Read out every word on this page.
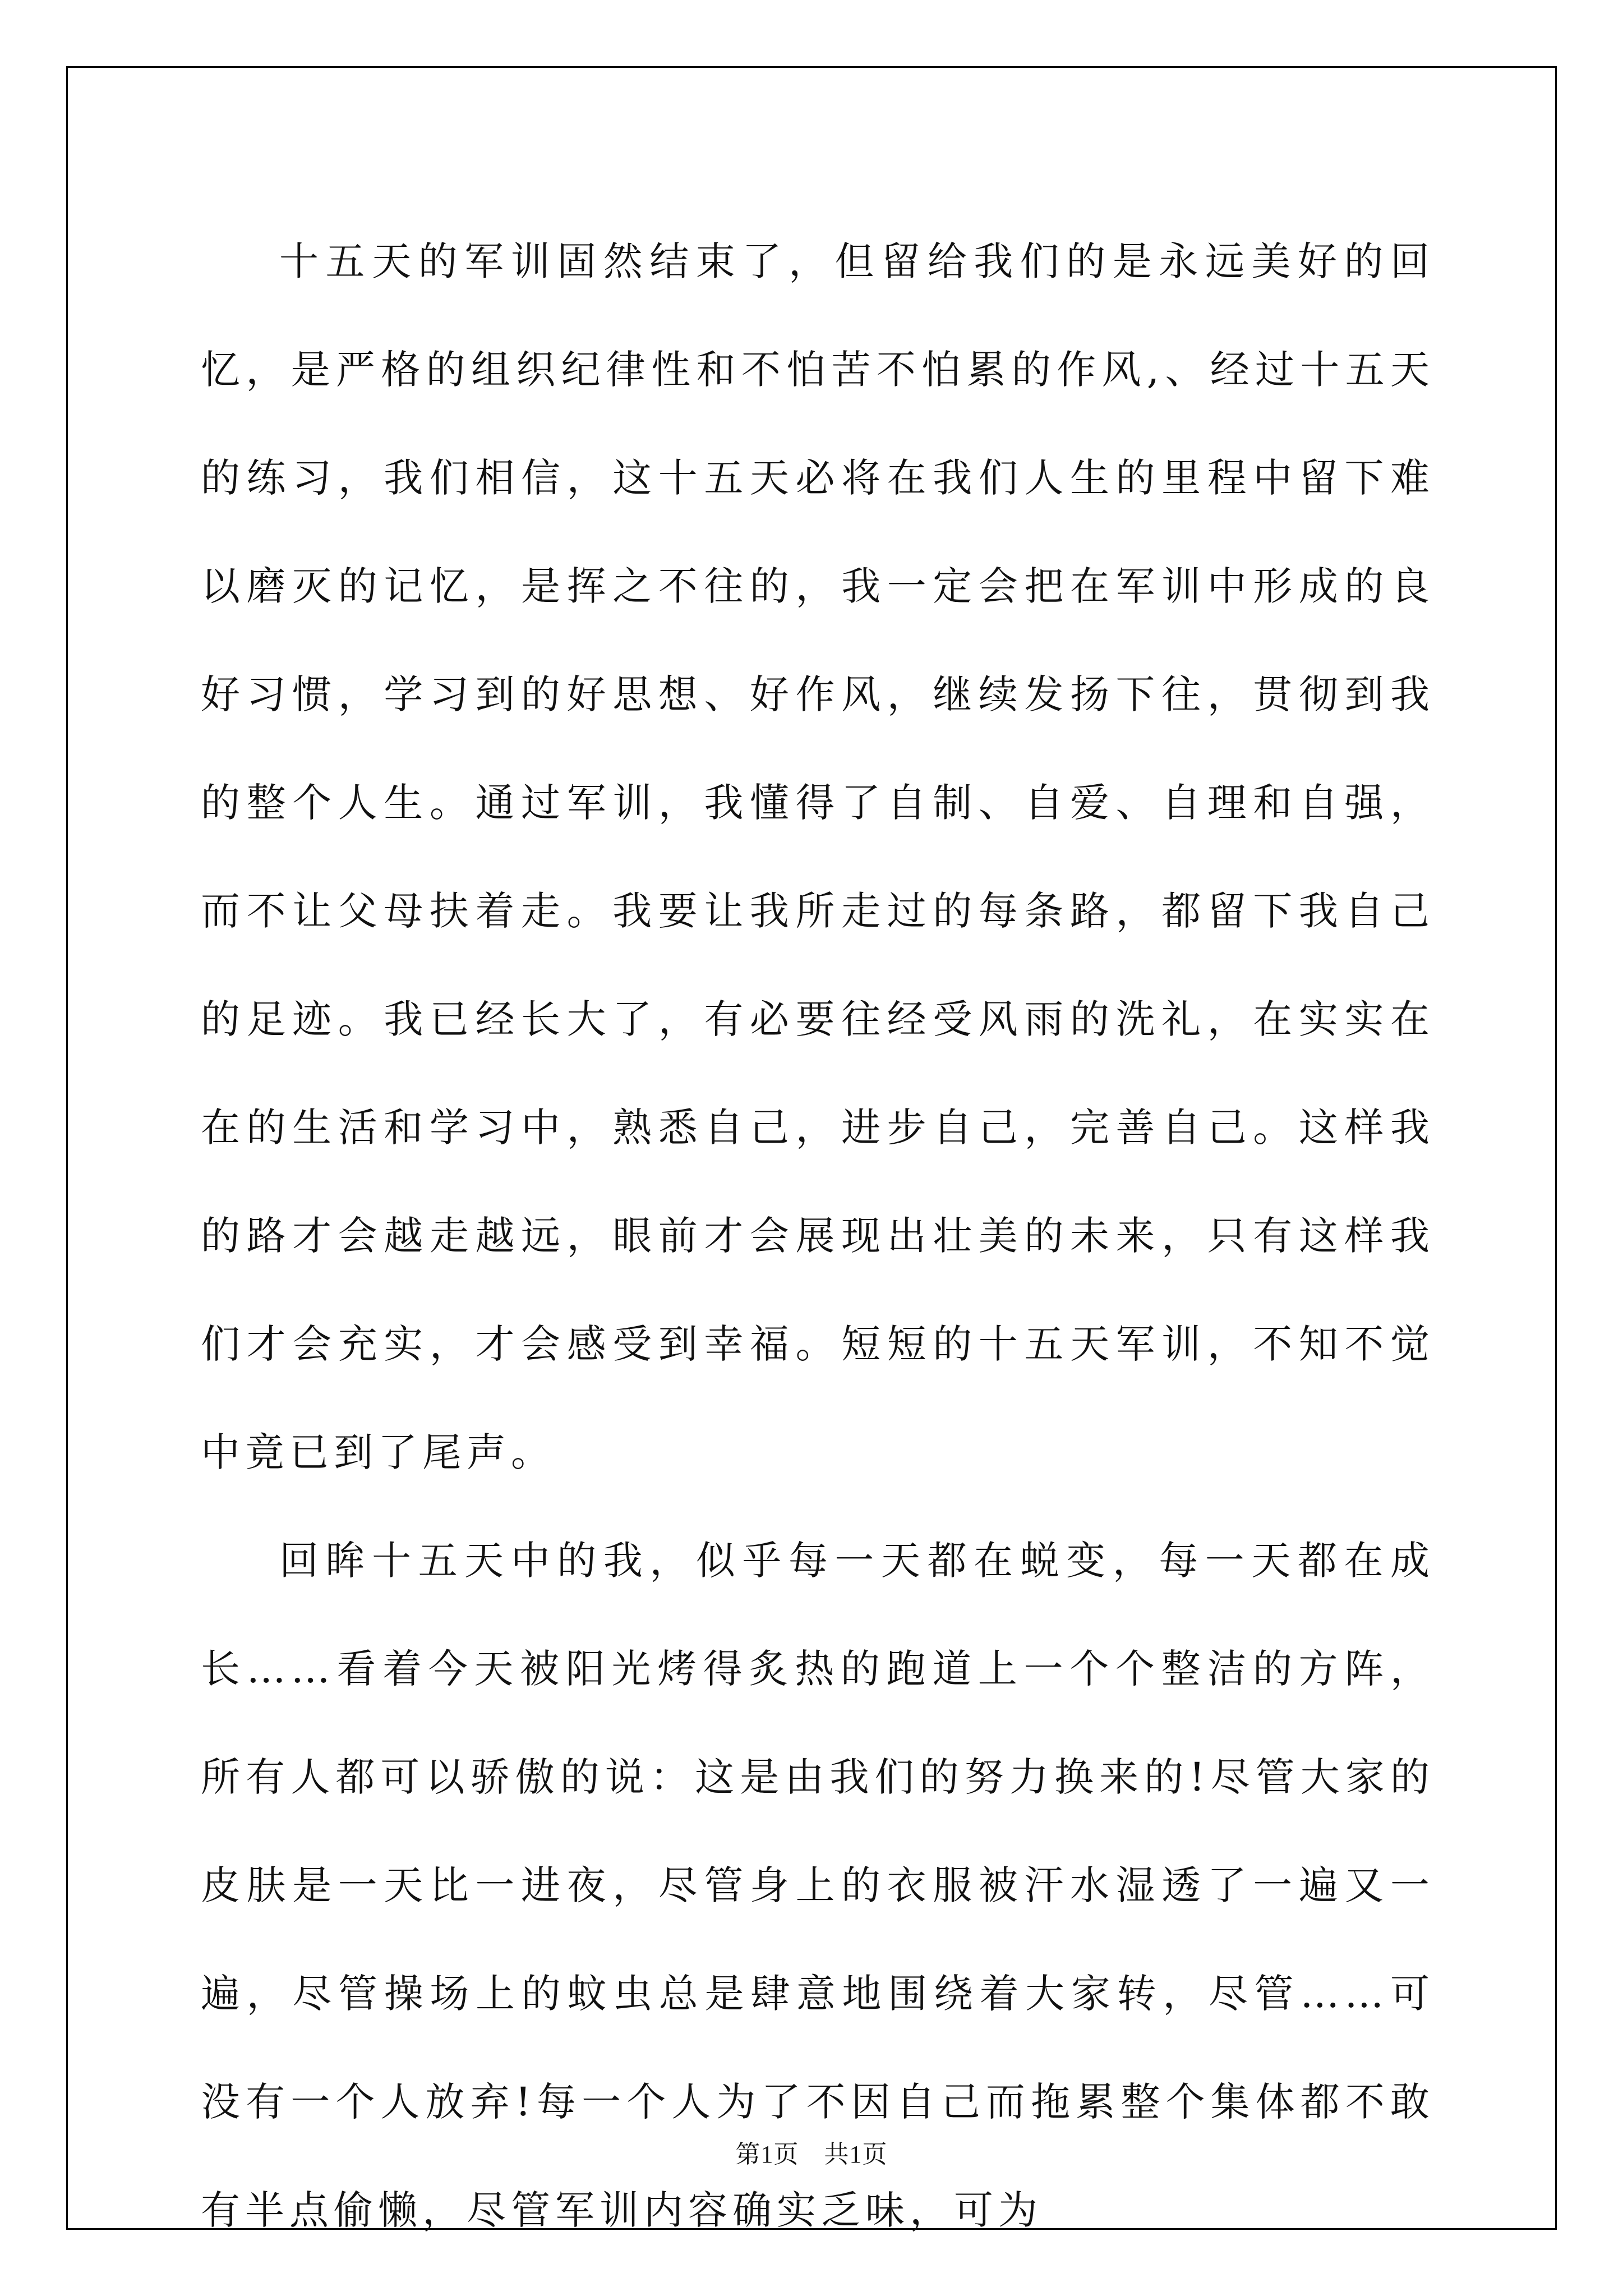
十五天的军训固然结束了，但留给我们的是永远美好的回忆，是严格的组织纪律性和不怕苦不怕累的作风,、经过十五天的练习，我们相信，这十五天必将在我们人生的里程中留下难以磨灭的记忆，是挥之不往的，我一定会把在军训中形成的良好习惯，学习到的好思想、好作风，继续发扬下往，贯彻到我的整个人生。通过军训，我懂得了自制、自爱、自理和自强，而不让父母扶着走。我要让我所走过的每条路，都留下我自己的足迹。我已经长大了，有必要往经受风雨的洗礼，在实实在在的生活和学习中，熟悉自己，进步自己，完善自己。这样我的路才会越走越远，眼前才会展现出壮美的未来，只有这样我们才会充实，才会感受到幸福。短短的十五天军训，不知不觉中竟已到了尾声。

回眸十五天中的我，似乎每一天都在蜕变，每一天都在成长……看着今天被阳光烤得炙热的跑道上一个个整洁的方阵，所有人都可以骄傲的说：这是由我们的努力换来的!尽管大家的皮肤是一天比一进夜，尽管身上的衣服被汗水湿透了一遍又一遍，尽管操场上的蚊虫总是肆意地围绕着大家转，尽管……可没有一个人放弃!每一个人为了不因自己而拖累整个集体都不敢有半点偷懒，尽管军训内容确实乏味，可为

第1页　共1页
